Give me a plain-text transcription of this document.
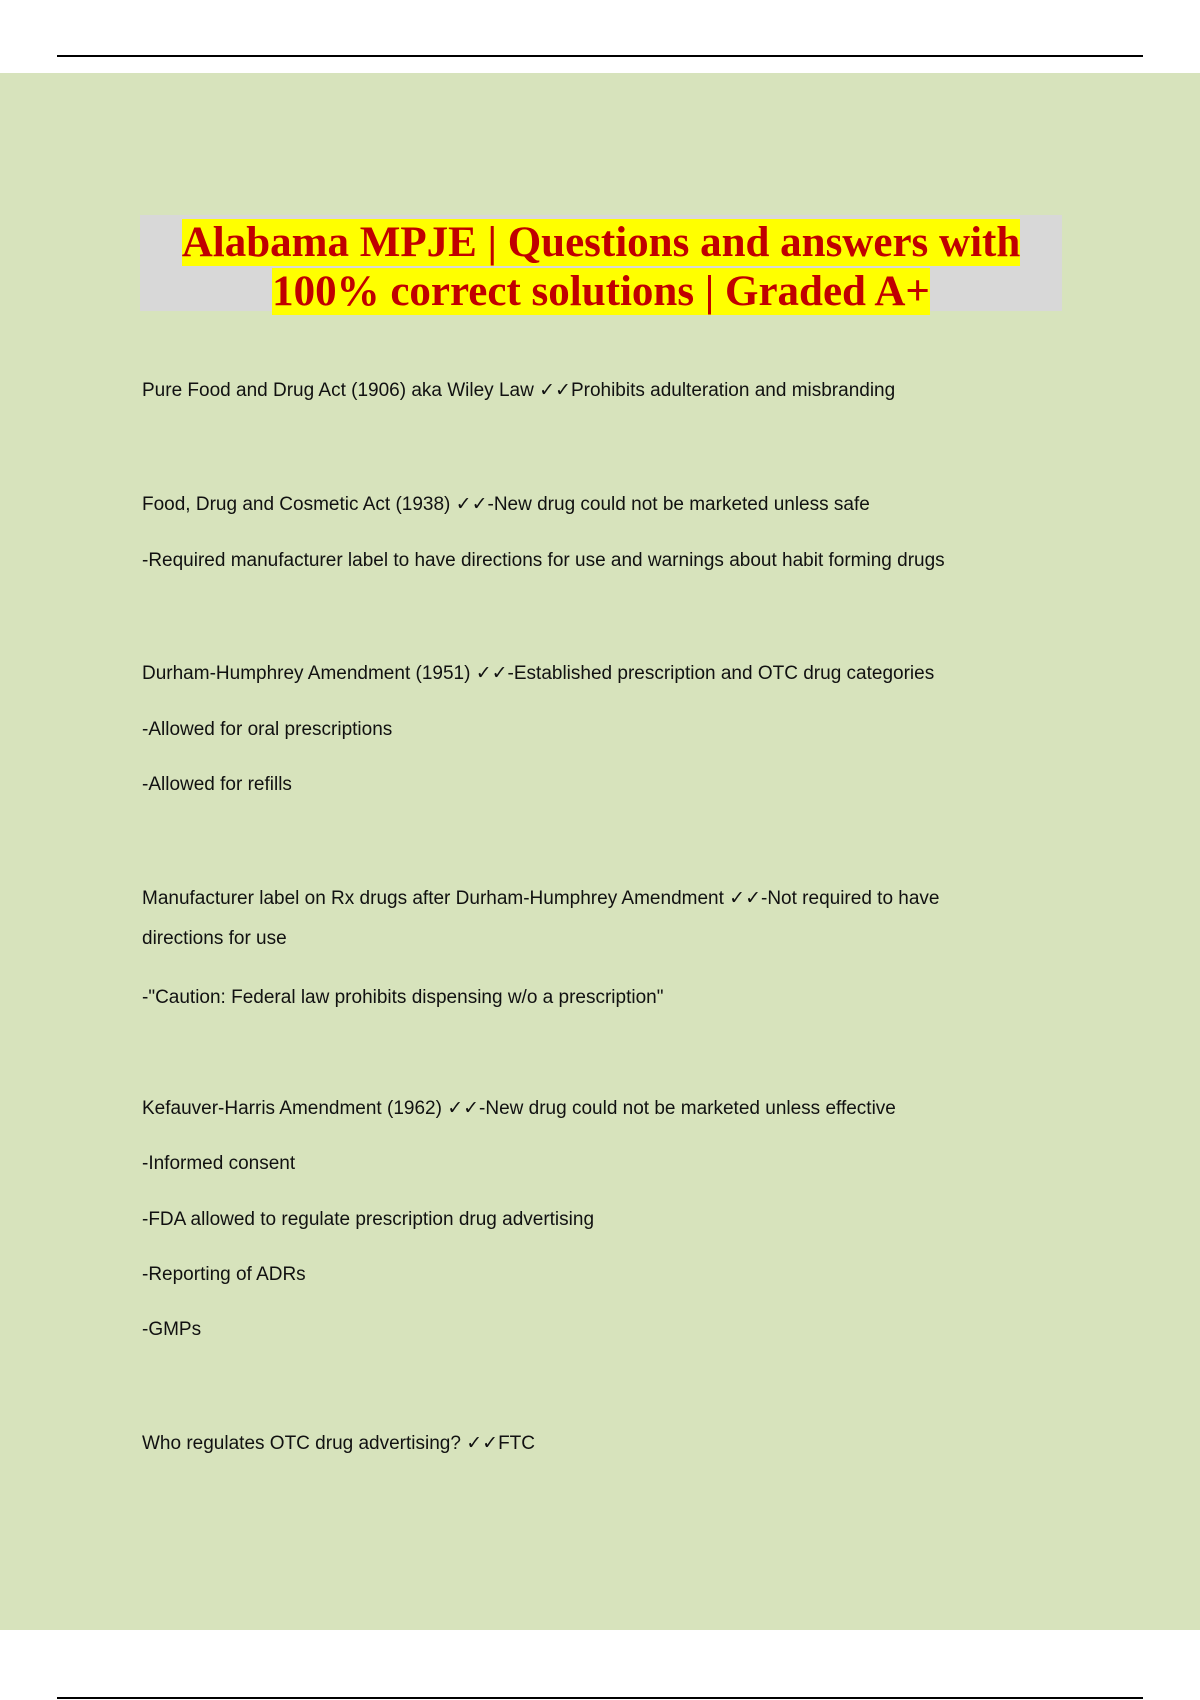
Alabama MPJE | Questions and answers with
100% correct solutions | Graded A+
Pure Food and Drug Act (1906) aka Wiley Law ✓✓Prohibits adulteration and misbranding
Food, Drug and Cosmetic Act (1938) ✓✓-New drug could not be marketed unless safe
-Required manufacturer label to have directions for use and warnings about habit forming drugs
Durham-Humphrey Amendment (1951) ✓✓-Established prescription and OTC drug categories
-Allowed for oral prescriptions
-Allowed for refills
Manufacturer label on Rx drugs after Durham-Humphrey Amendment ✓✓-Not required to have directions for use
-"Caution: Federal law prohibits dispensing w/o a prescription"
Kefauver-Harris Amendment (1962) ✓✓-New drug could not be marketed unless effective
-Informed consent
-FDA allowed to regulate prescription drug advertising
-Reporting of ADRs
-GMPs
Who regulates OTC drug advertising? ✓✓FTC
